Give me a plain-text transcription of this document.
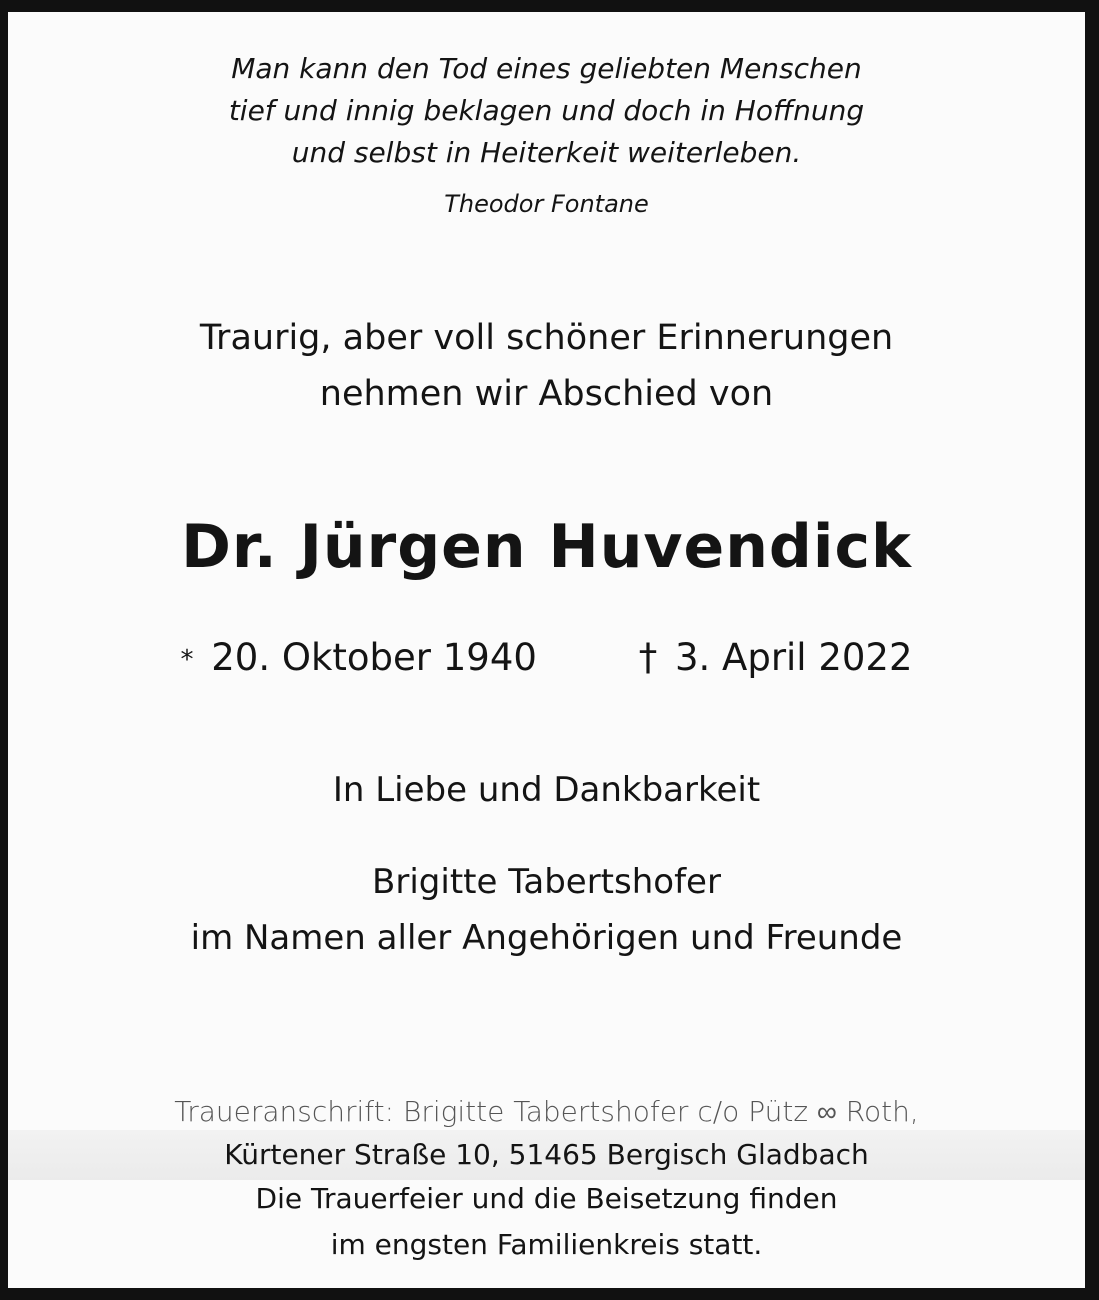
Man kann den Tod eines geliebten Menschen
tief und innig beklagen und doch in Hoffnung
und selbst in Heiterkeit weiterleben.
Theodor Fontane
Traurig, aber voll schöner Erinnerungen
nehmen wir Abschied von
Dr. Jürgen Huvendick
* 20. Oktober 1940	† 3. April 2022
In Liebe und Dankbarkeit
Brigitte Tabertshofer
im Namen aller Angehörigen und Freunde
Traueranschrift: Brigitte Tabertshofer c/o Pütz ∞ Roth,
Kürtener Straße 10, 51465 Bergisch Gladbach
Die Trauerfeier und die Beisetzung finden
im engsten Familienkreis statt.
